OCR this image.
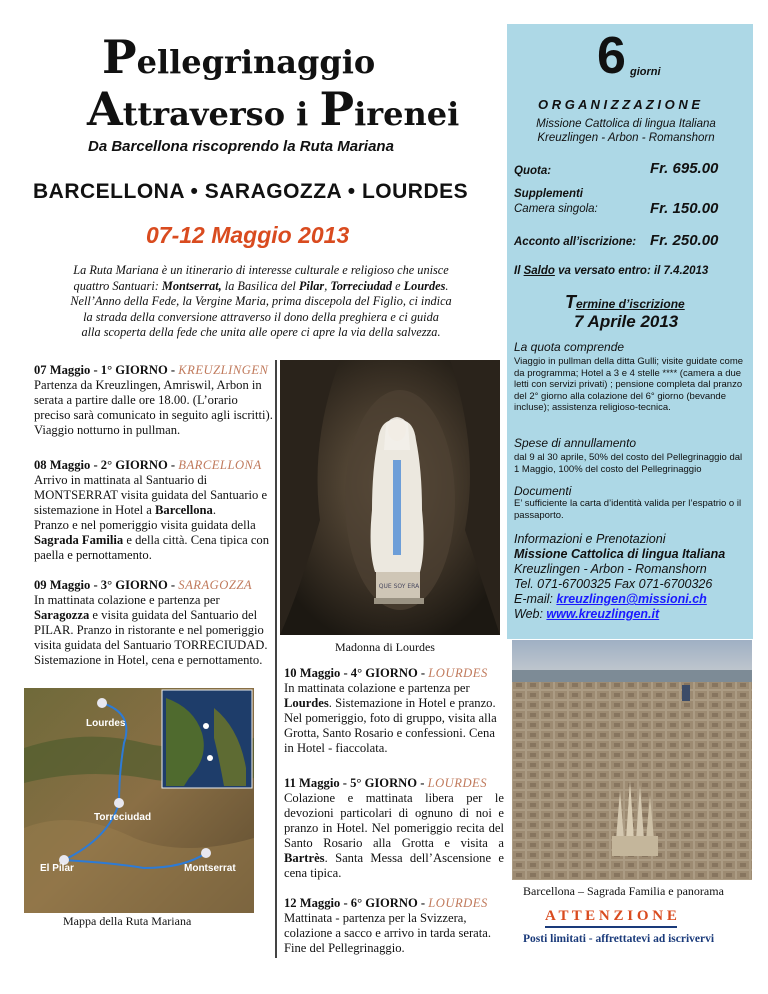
Pellegrinaggio
Attraverso i Pirenei
Da Barcellona riscoprendo la Ruta Mariana
BARCELLONA • SARAGOZZA • LOURDES
07-12 Maggio 2013
La Ruta Mariana è un itinerario di interesse culturale e religioso che unisce
quattro Santuari: Montserrat, la Basilica del Pilar, Torreciudad e Lourdes.
Nell’Anno della Fede, la Vergine Maria, prima discepola del Figlio, ci indica
la strada della conversione attraverso il dono della preghiera e ci guida
alla scoperta della fede che unita alle opere ci apre la via della salvezza.
07 Maggio - 1° GIORNO - KREUZLINGEN
Partenza da Kreuzlingen, Amriswil, Arbon in serata a partire dalle ore 18.00. (L’orario preciso sarà comunicato in seguito agli iscritti). Viaggio notturno in pullman.
08 Maggio - 2° GIORNO - BARCELLONA
Arrivo in mattinata al Santuario di MONTSERRAT visita guidata del Santuario e sistemazione in Hotel a Barcellona.
Pranzo e nel pomeriggio visita guidata della Sagrada Familia e della città. Cena tipica con paella e pernottamento.
09 Maggio - 3° GIORNO - SARAGOZZA
In mattinata colazione e partenza per Saragozza e visita guidata del Santuario del PILAR. Pranzo in ristorante e nel pomeriggio visita guidata del Santuario TORRECIUDAD. Sistemazione in Hotel, cena e pernottamento.
QUE SOY ERA
Madonna di Lourdes
Lourdes
Torreciudad
El Pilar	Montserrat
Mappa della Ruta Mariana
10 Maggio - 4° GIORNO - LOURDES
In mattinata colazione e partenza per Lourdes. Sistemazione in Hotel e pranzo. Nel pomeriggio, foto di gruppo, visita alla Grotta, Santo Rosario e confessioni. Cena in Hotel - fiaccolata.
11 Maggio - 5° GIORNO - LOURDES
Colazione e mattinata libera per le devozioni particolari di ognuno di noi e pranzo in Hotel. Nel pomeriggio recita del Santo Rosario alla Grotta e visita a Bartrès. Santa Messa dell’Ascensione e cena tipica.
12 Maggio - 6° GIORNO - LOURDES
Mattinata - partenza per la Svizzera, colazione a sacco e arrivo in tarda serata. Fine del Pellegrinaggio.
6 giorni
O R G A N I Z Z A Z I O N E
Missione Cattolica di lingua Italiana
Kreuzlingen - Arbon - Romanshorn
Quota:	Fr. 695.00
Supplementi
Camera singola:	Fr. 150.00
Acconto all’iscrizione: Fr. 250.00
Il Saldo va versato entro: il 7.4.2013
Termine d’iscrizione
7 Aprile 2013
La quota comprende
Viaggio in pullman della ditta Gulli; visite guidate come da programma; Hotel a 3 e 4 stelle **** (camera a due letti con servizi privati) ; pensione completa dal pranzo del 2° giorno alla colazione del 6° giorno (bevande incluse); assistenza religioso-tecnica.
Spese di annullamento
dal 9 al 30 aprile, 50% del costo del Pellegrinaggio dal 1 Maggio, 100% del costo del Pellegrinaggio
Documenti
E’ sufficiente la carta d’identità valida per l’espatrio o il passaporto.
Informazioni e Prenotazioni
Missione Cattolica di lingua Italiana
Kreuzlingen - Arbon - Romanshorn
Tel. 071-6700325 Fax 071-6700326
E-mail: kreuzlingen@missioni.ch
Web: www.kreuzlingen.it
Barcellona – Sagrada Familia e panorama
A T T E N Z I O N E
Posti limitati - affrettatevi ad iscrivervi
